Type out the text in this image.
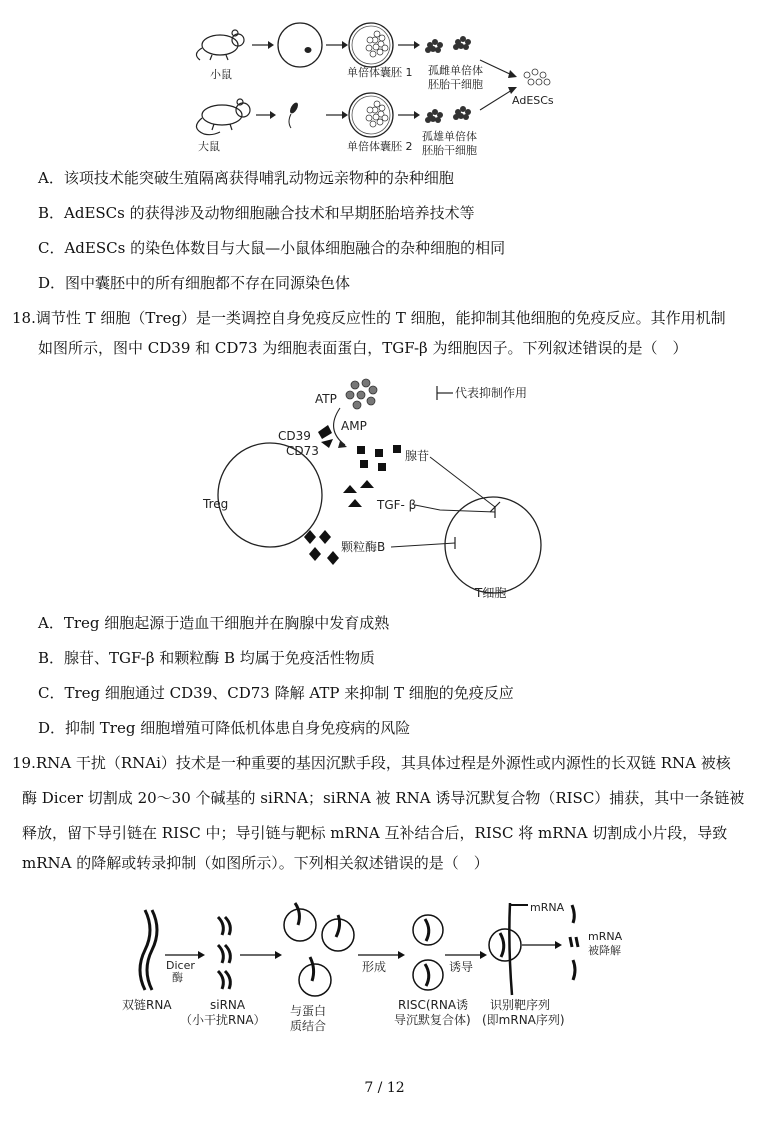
小鼠	单倍体囊胚 1 孤雌单倍体
胚胎干细胞
AdESCs
大鼠	单倍体囊胚 2
孤雄单倍体
胚胎干细胞
A．该项技术能突破生殖隔离获得哺乳动物远亲物种的杂种细胞
B．AdESCs 的获得涉及动物细胞融合技术和早期胚胎培养技术等
C．AdESCs 的染色体数目与大鼠—小鼠体细胞融合的杂种细胞的相同
D．图中囊胚中的所有细胞都不存在同源染色体
18.调节性 T 细胞（Treg）是一类调控自身免疫反应性的 T 细胞，能抑制其他细胞的免疫反应。其作用机制
如图所示，图中 CD39 和 CD73 为细胞表面蛋白，TGF-β 为细胞因子。下列叙述错误的是（　）
ATP	代表抑制作用
AMP
CD39
CD73
Treg
腺苷
TGF- β
颗粒酶B
T细胞
A．Treg 细胞起源于造血干细胞并在胸腺中发育成熟
B．腺苷、TGF-β 和颗粒酶 B 均属于免疫活性物质
C．Treg 细胞通过 CD39、CD73 降解 ATP 来抑制 T 细胞的免疫反应
D．抑制 Treg 细胞增殖可降低机体患自身免疫病的风险
19.RNA 干扰（RNAi）技术是一种重要的基因沉默手段，其具体过程是外源性或内源性的长双链 RNA 被核
酶 Dicer 切割成 20～30 个碱基的 siRNA；siRNA 被 RNA 诱导沉默复合物（RISC）捕获，其中一条链被
释放，留下导引链在 RISC 中；导引链与靶标 mRNA 互补结合后，RISC 将 mRNA 切割成小片段，导致
mRNA 的降解或转录抑制（如图所示）。下列相关叙述错误的是（　）
双链RNA
Dicer
酶
siRNA
（小干扰RNA）
与蛋白
质结合
形成
RISC(RNA诱
导沉默复合体)
诱导
mRNA
识别靶序列
(即mRNA序列)
mRNA
被降解
7 / 12
